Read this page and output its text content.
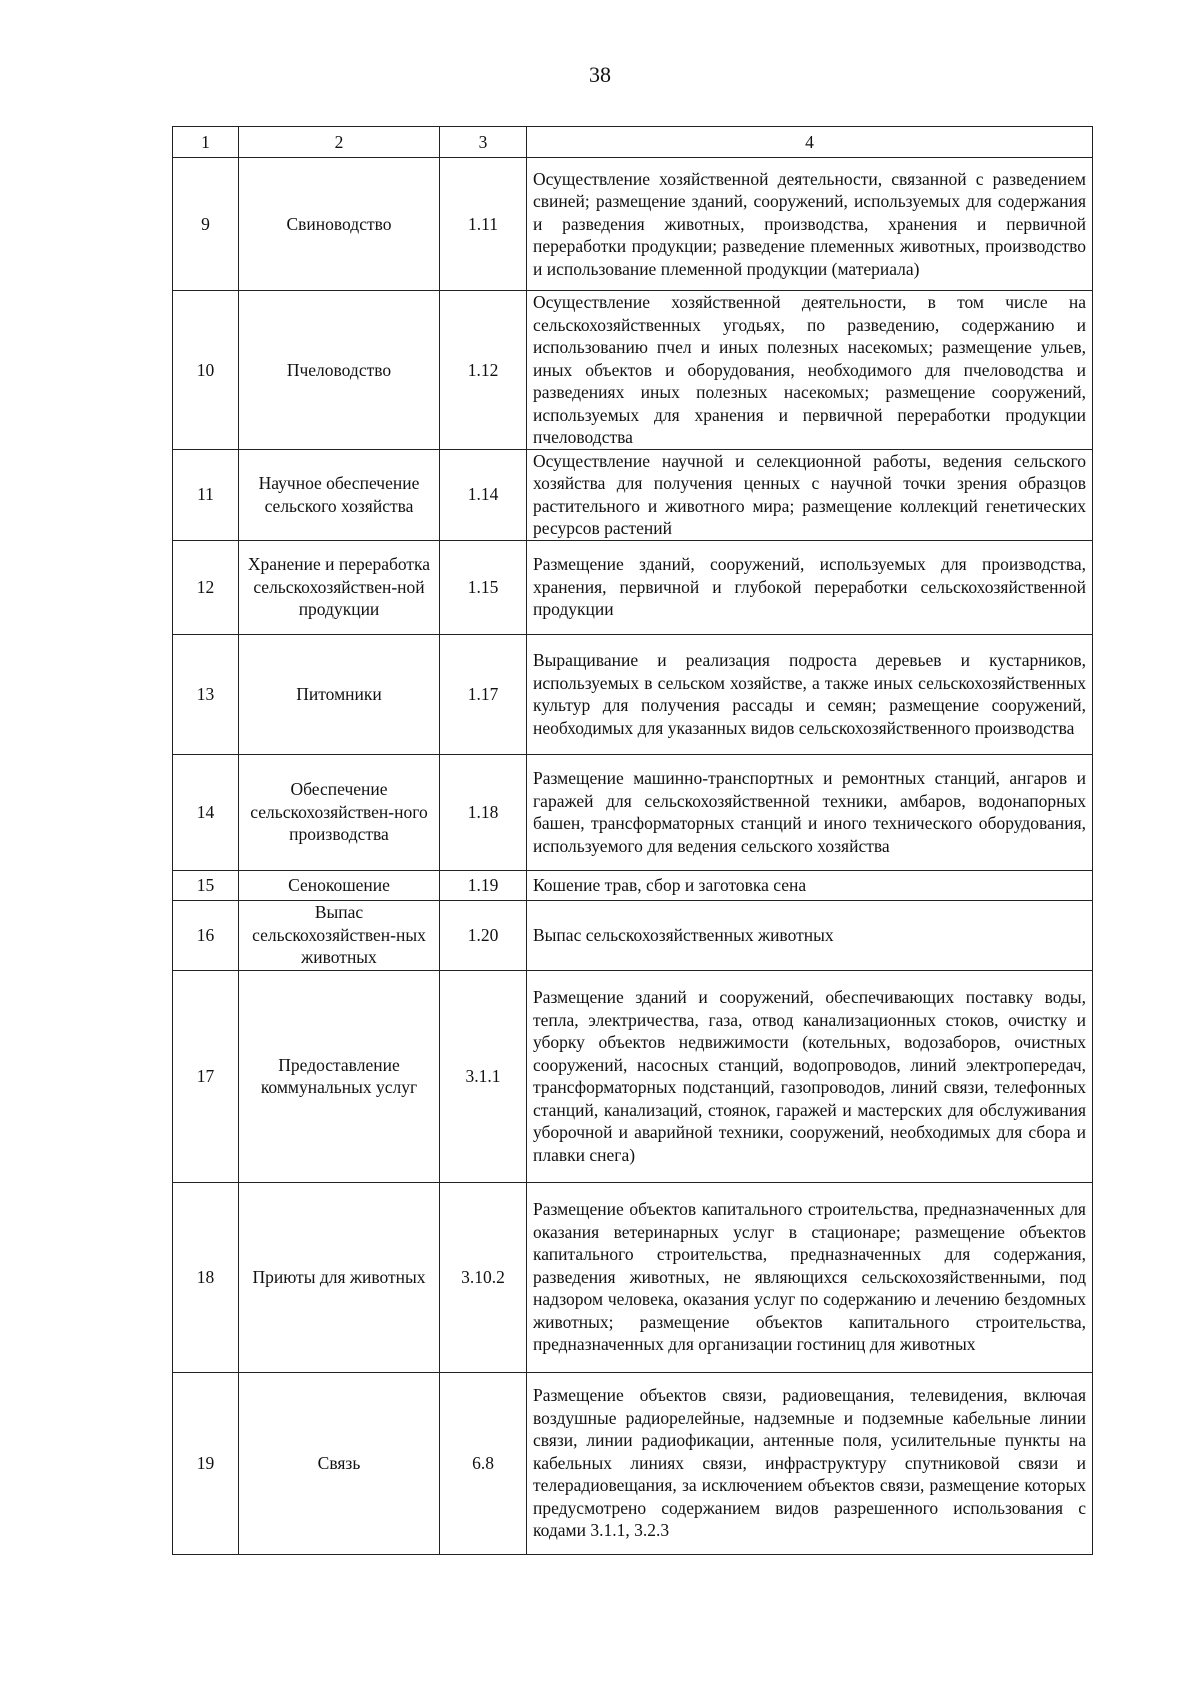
38
1	2	3	4
9	Свиноводство	1.11	Осуществление хозяйственной деятельности, связанной с разведением свиней; размещение зданий, сооружений, используемых для содержания и разведения животных, производства, хранения и первичной переработки продукции; разведение племенных животных, производство и использование племенной продукции (материала)
10	Пчеловодство	1.12	Осуществление хозяйственной деятельности, в том числе на сельскохозяйственных угодьях, по разведению, содержанию и использованию пчел и иных полезных насекомых; размещение ульев, иных объектов и оборудования, необходимого для пчеловодства и разведениях иных полезных насекомых; размещение сооружений, используемых для хранения и первичной переработки продукции пчеловодства
11	Научное обеспечение сельского хозяйства	1.14	Осуществление научной и селекционной работы, ведения сельского хозяйства для получения ценных с научной точки зрения образцов растительного и животного мира; размещение коллекций генетических ресурсов растений
12	Хранение и переработка сельскохозяйствен-ной продукции	1.15	Размещение зданий, сооружений, используемых для производства, хранения, первичной и глубокой переработки сельскохозяйственной продукции
13	Питомники	1.17	Выращивание и реализация подроста деревьев и кустарников, используемых в сельском хозяйстве, а также иных сельскохозяйственных культур для получения рассады и семян; размещение сооружений, необходимых для указанных видов сельскохозяйственного производства
14	Обеспечение сельскохозяйствен-ного производства	1.18	Размещение машинно-транспортных и ремонтных станций, ангаров и гаражей для сельскохозяйственной техники, амбаров, водонапорных башен, трансформаторных станций и иного технического оборудования, используемого для ведения сельского хозяйства
15	Сенокошение	1.19	Кошение трав, сбор и заготовка сена
16	Выпас сельскохозяйствен-ных животных	1.20	Выпас сельскохозяйственных животных
17	Предоставление коммунальных услуг	3.1.1	Размещение зданий и сооружений, обеспечивающих поставку воды, тепла, электричества, газа, отвод канализационных стоков, очистку и уборку объектов недвижимости (котельных, водозаборов, очистных сооружений, насосных станций, водопроводов, линий электропередач, трансформаторных подстанций, газопроводов, линий связи, телефонных станций, канализаций, стоянок, гаражей и мастерских для обслуживания уборочной и аварийной техники, сооружений, необходимых для сбора и плавки снега)
18	Приюты для животных	3.10.2	Размещение объектов капитального строительства, предназначенных для оказания ветеринарных услуг в стационаре; размещение объектов капитального строительства, предназначенных для содержания, разведения животных, не являющихся сельскохозяйственными, под надзором человека, оказания услуг по содержанию и лечению бездомных животных; размещение объектов капитального строительства, предназначенных для организации гостиниц для животных
19	Связь	6.8	Размещение объектов связи, радиовещания, телевидения, включая воздушные радиорелейные, надземные и подземные кабельные линии связи, линии радиофикации, антенные поля, усилительные пункты на кабельных линиях связи, инфраструктуру спутниковой связи и телерадиовещания, за исключением объектов связи, размещение которых предусмотрено содержанием видов разрешенного использования с кодами 3.1.1, 3.2.3
